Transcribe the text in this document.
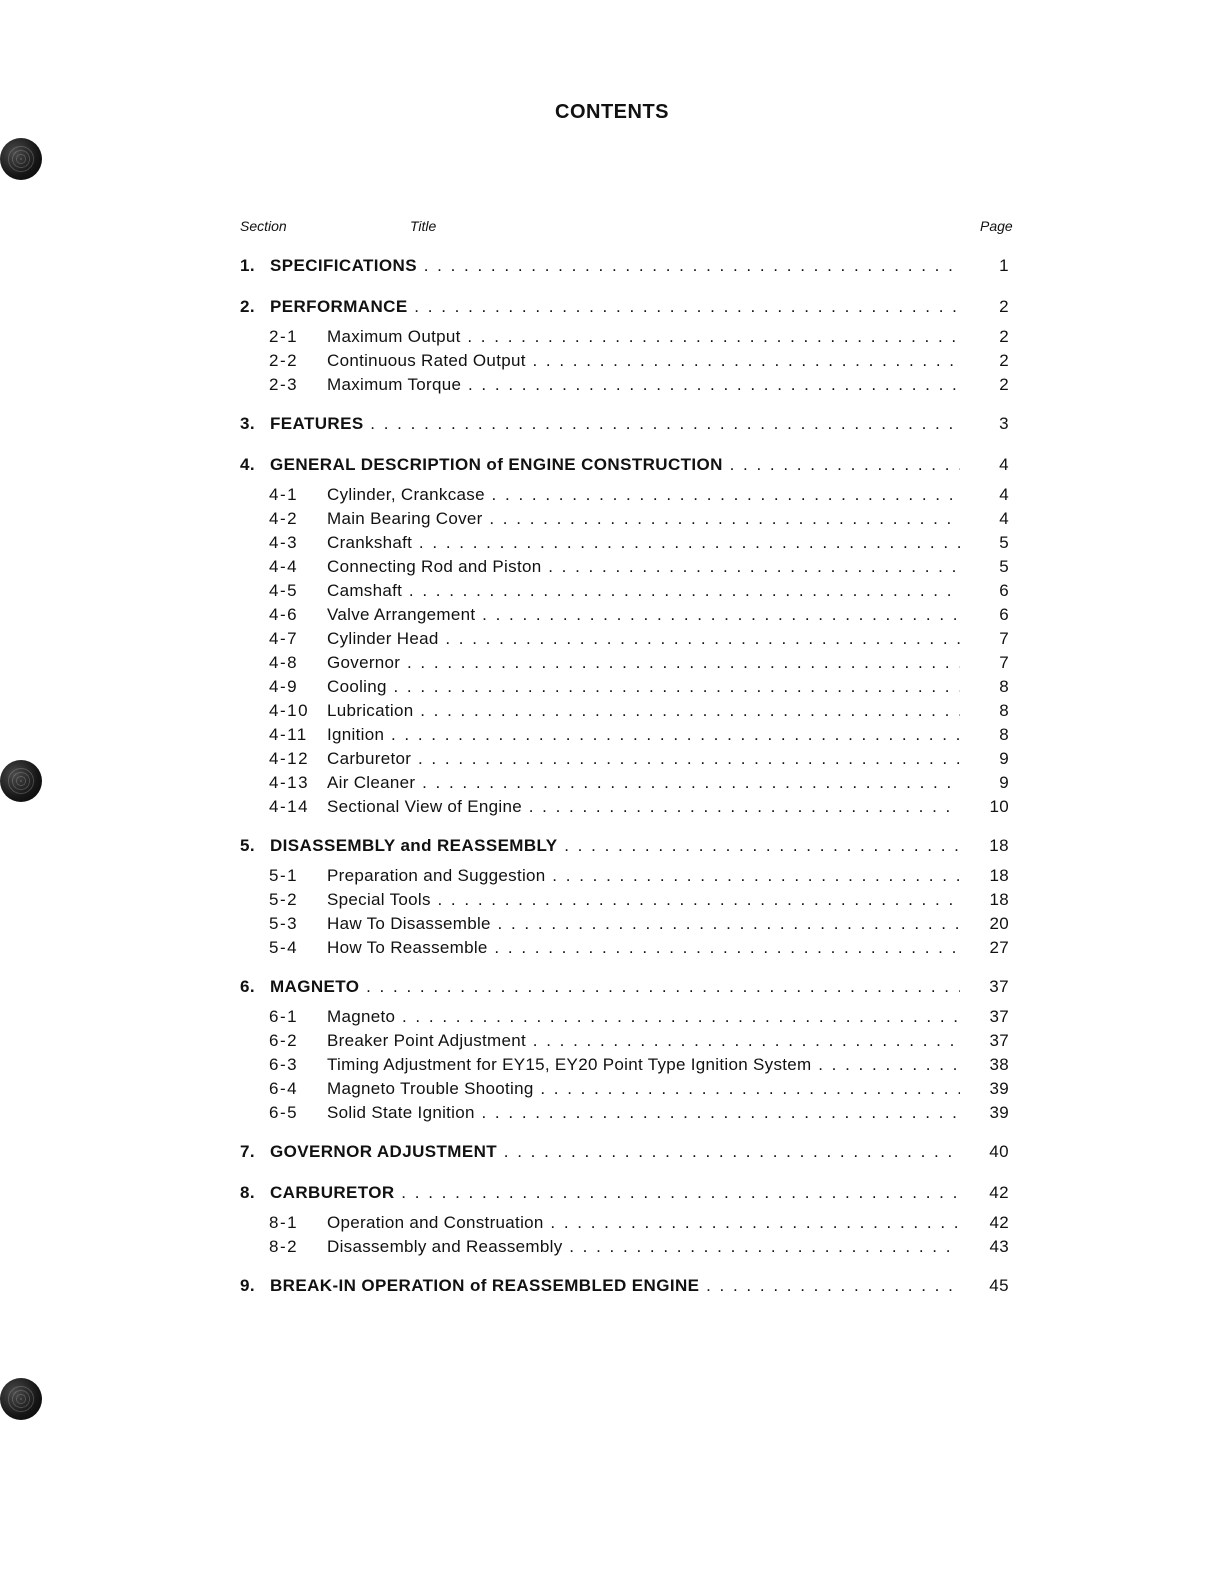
CONTENTS
Section	Title	Page
1. SPECIFICATIONS . . .	1
2. PERFORMANCE . . .	2
2-1 Maximum Output . . .	2
2-2 Continuous Rated Output . . .	2
2-3 Maximum Torque . . .	2
3. FEATURES . . .	3
4. GENERAL DESCRIPTION of ENGINE CONSTRUCTION . . .	4
4-1 Cylinder, Crankcase . . .	4
4-2 Main Bearing Cover . . .	4
4-3 Crankshaft . . .	5
4-4 Connecting Rod and Piston . . .	5
4-5 Camshaft . . .	6
4-6 Valve Arrangement . . .	6
4-7 Cylinder Head . . .	7
4-8 Governor . . .	7
4-9 Cooling . . .	8
4-10 Lubrication . . .	8
4-11 Ignition . . .	8
4-12 Carburetor . . .	9
4-13 Air Cleaner . . .	9
4-14 Sectional View of Engine . . .	10
5. DISASSEMBLY and REASSEMBLY . . .	18
5-1 Preparation and Suggestion . . .	18
5-2 Special Tools . . .	18
5-3 Haw To Disassemble . . .	20
5-4 How To Reassemble . . .	27
6. MAGNETO . . .	37
6-1 Magneto . . .	37
6-2 Breaker Point Adjustment . . .	37
6-3 Timing Adjustment for EY15, EY20 Point Type Ignition System . . .	38
6-4 Magneto Trouble Shooting . . .	39
6-5 Solid State Ignition . . .	39
7. GOVERNOR ADJUSTMENT . . .	40
8. CARBURETOR . . .	42
8-1 Operation and Construation . . .	42
8-2 Disassembly and Reassembly . . .	43
9. BREAK-IN OPERATION of REASSEMBLED ENGINE . . .	45
